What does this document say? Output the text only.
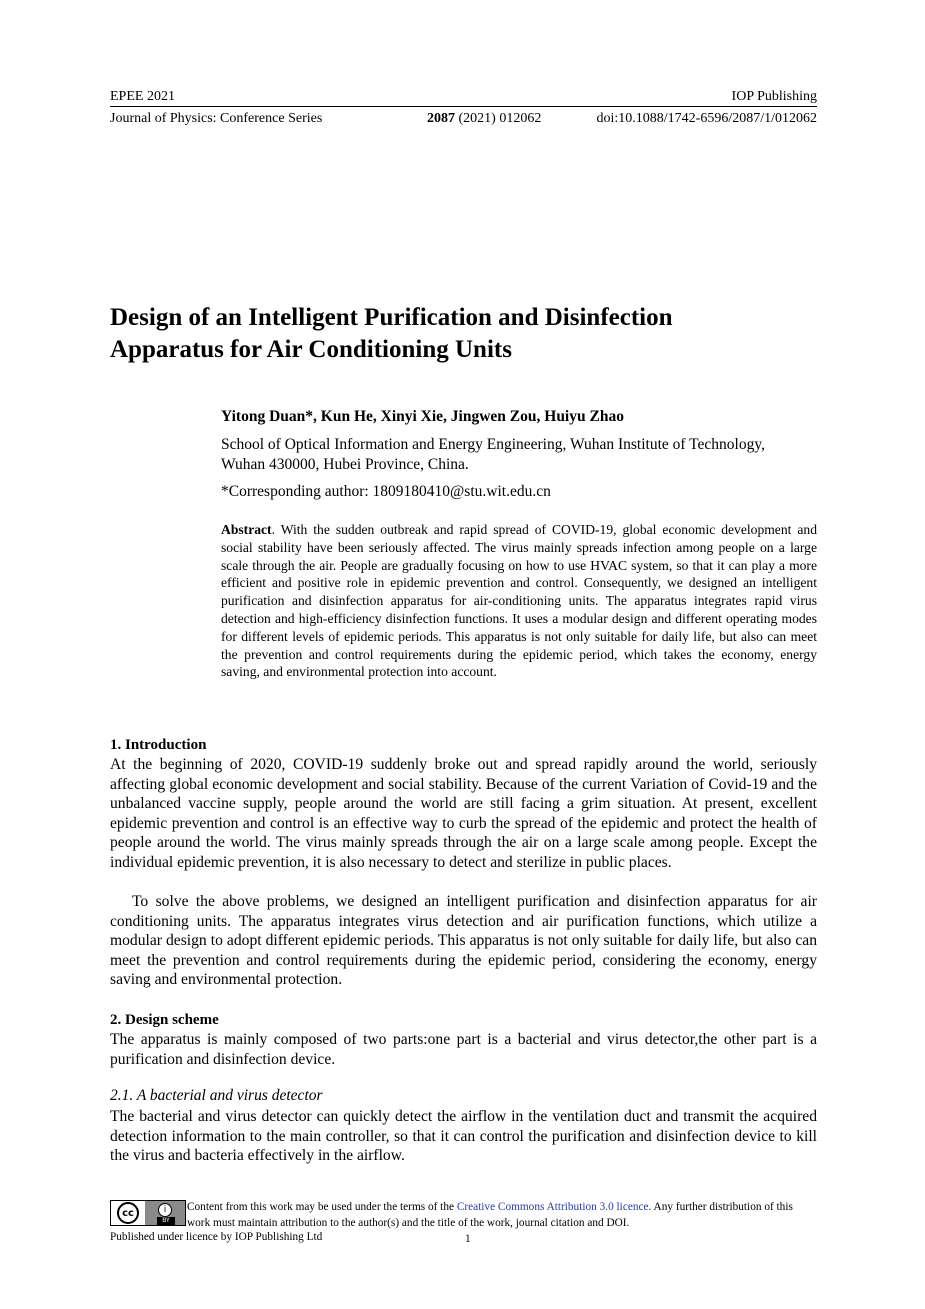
EPEE 2021	IOP Publishing
Journal of Physics: Conference Series	2087 (2021) 012062	doi:10.1088/1742-6596/2087/1/012062
Design of an Intelligent Purification and Disinfection Apparatus for Air Conditioning Units
Yitong Duan*, Kun He, Xinyi Xie, Jingwen Zou, Huiyu Zhao
School of Optical Information and Energy Engineering, Wuhan Institute of Technology, Wuhan 430000, Hubei Province, China.
*Corresponding author: 1809180410@stu.wit.edu.cn
Abstract. With the sudden outbreak and rapid spread of COVID-19, global economic development and social stability have been seriously affected. The virus mainly spreads infection among people on a large scale through the air. People are gradually focusing on how to use HVAC system, so that it can play a more efficient and positive role in epidemic prevention and control. Consequently, we designed an intelligent purification and disinfection apparatus for air-conditioning units. The apparatus integrates rapid virus detection and high-efficiency disinfection functions. It uses a modular design and different operating modes for different levels of epidemic periods. This apparatus is not only suitable for daily life, but also can meet the prevention and control requirements during the epidemic period, which takes the economy, energy saving, and environmental protection into account.
1. Introduction

At the beginning of 2020, COVID-19 suddenly broke out and spread rapidly around the world, seriously affecting global economic development and social stability. Because of the current Variation of Covid-19 and the unbalanced vaccine supply, people around the world are still facing a grim situation. At present, excellent epidemic prevention and control is an effective way to curb the spread of the epidemic and protect the health of people around the world. The virus mainly spreads through the air on a large scale among people. Except the individual epidemic prevention, it is also necessary to detect and sterilize in public places.

To solve the above problems, we designed an intelligent purification and disinfection apparatus for air conditioning units. The apparatus integrates virus detection and air purification functions, which utilize a modular design to adopt different epidemic periods. This apparatus is not only suitable for daily life, but also can meet the prevention and control requirements during the epidemic period, considering the economy, energy saving and environmental protection.

2. Design scheme

The apparatus is mainly composed of two parts:one part is a bacterial and virus detector,the other part is a purification and disinfection device.

2.1. A bacterial and virus detector

The bacterial and virus detector can quickly detect the airflow in the ventilation duct and transmit the acquired detection information to the main controller, so that it can control the purification and disinfection device to kill the virus and bacteria effectively in the airflow.

cc	i
BY
Content from this work may be used under the terms of the Creative Commons Attribution 3.0 licence. Any further distribution of this work must maintain attribution to the author(s) and the title of the work, journal citation and DOI.
Published under licence by IOP Publishing Ltd	1
